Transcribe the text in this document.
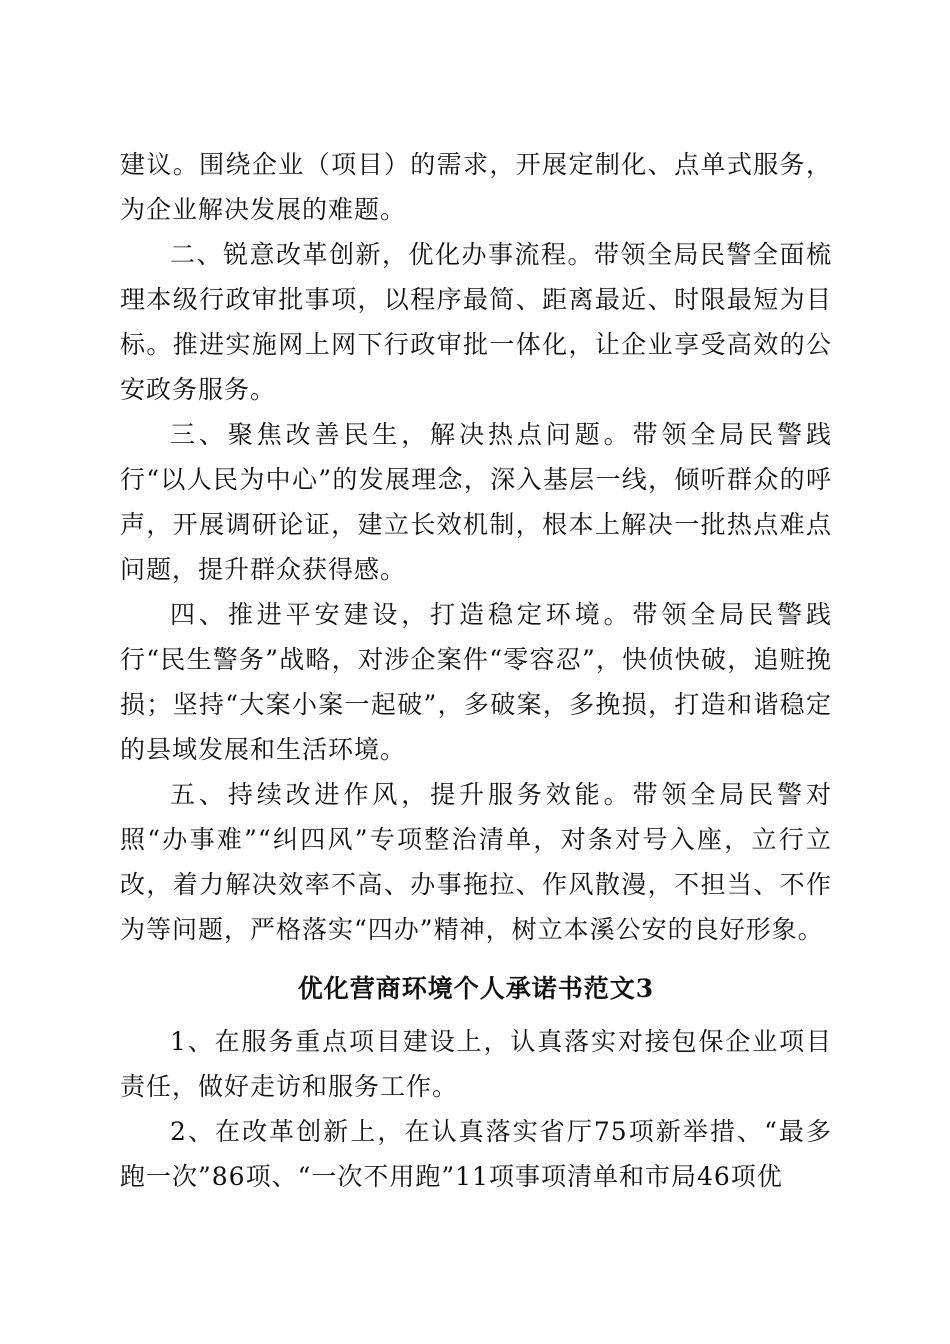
建议。围绕企业（项目）的需求，开展定制化、点单式服务，为企业解决发展的难题。

二、锐意改革创新，优化办事流程。带领全局民警全面梳理本级行政审批事项，以程序最简、距离最近、时限最短为目标。推进实施网上网下行政审批一体化，让企业享受高效的公安政务服务。

三、聚焦改善民生，解决热点问题。带领全局民警践行“以人民为中心”的发展理念，深入基层一线，倾听群众的呼声，开展调研论证，建立长效机制，根本上解决一批热点难点问题，提升群众获得感。

四、推进平安建设，打造稳定环境。带领全局民警践行“民生警务”战略，对涉企案件“零容忍”，快侦快破，追赃挽损；坚持“大案小案一起破”，多破案，多挽损，打造和谐稳定的县域发展和生活环境。

五、持续改进作风，提升服务效能。带领全局民警对照“办事难”“纠四风”专项整治清单，对条对号入座，立行立改，着力解决效率不高、办事拖拉、作风散漫，不担当、不作为等问题，严格落实“四办”精神，树立本溪公安的良好形象。

优化营商环境个人承诺书范文3

1、在服务重点项目建设上，认真落实对接包保企业项目责任，做好走访和服务工作。

2、在改革创新上，在认真落实省厅75项新举措、“最多跑一次”86项、“一次不用跑”11项事项清单和市局46项优
